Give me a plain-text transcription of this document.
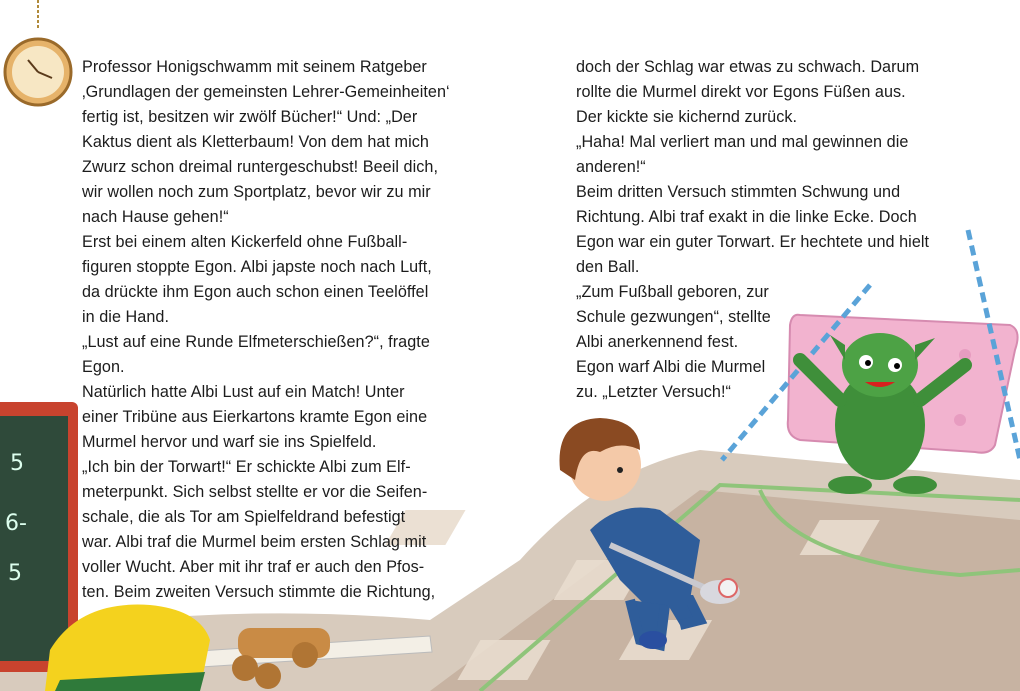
5
6-
5
Professor Honigschwamm mit seinem Ratgeber
‚Grundlagen der gemeinsten Lehrer-Gemeinheiten‘
fertig ist, besitzen wir zwölf Bücher!“ Und: „Der
Kaktus dient als Kletterbaum! Von dem hat mich
Zwurz schon dreimal runtergeschubst! Beeil dich,
wir wollen noch zum Sportplatz, bevor wir zu mir
nach Hause gehen!“
Erst bei einem alten Kickerfeld ohne Fußball-
figuren stoppte Egon. Albi japste noch nach Luft,
da drückte ihm Egon auch schon einen Teelöffel
in die Hand.
„Lust auf eine Runde Elfmeterschießen?“, fragte
Egon.
Natürlich hatte Albi Lust auf ein Match! Unter
einer Tribüne aus Eierkartons kramte Egon eine
Murmel hervor und warf sie ins Spielfeld.
„Ich bin der Torwart!“ Er schickte Albi zum Elf-
meterpunkt. Sich selbst stellte er vor die Seifen-
schale, die als Tor am Spielfeldrand befestigt
war. Albi traf die Murmel beim ersten Schlag mit
voller Wucht. Aber mit ihr traf er auch den Pfos-
ten. Beim zweiten Versuch stimmte die Richtung,
doch der Schlag war etwas zu schwach. Darum
rollte die Murmel direkt vor Egons Füßen aus.
Der kickte sie kichernd zurück.
„Haha! Mal verliert man und mal gewinnen die
anderen!“
Beim dritten Versuch stimmten Schwung und
Richtung. Albi traf exakt in die linke Ecke. Doch
Egon war ein guter Torwart. Er hechtete und hielt
den Ball.
„Zum Fußball geboren, zur
Schule gezwungen“, stellte
Albi anerkennend fest.
Egon warf Albi die Murmel
zu. „Letzter Versuch!“
